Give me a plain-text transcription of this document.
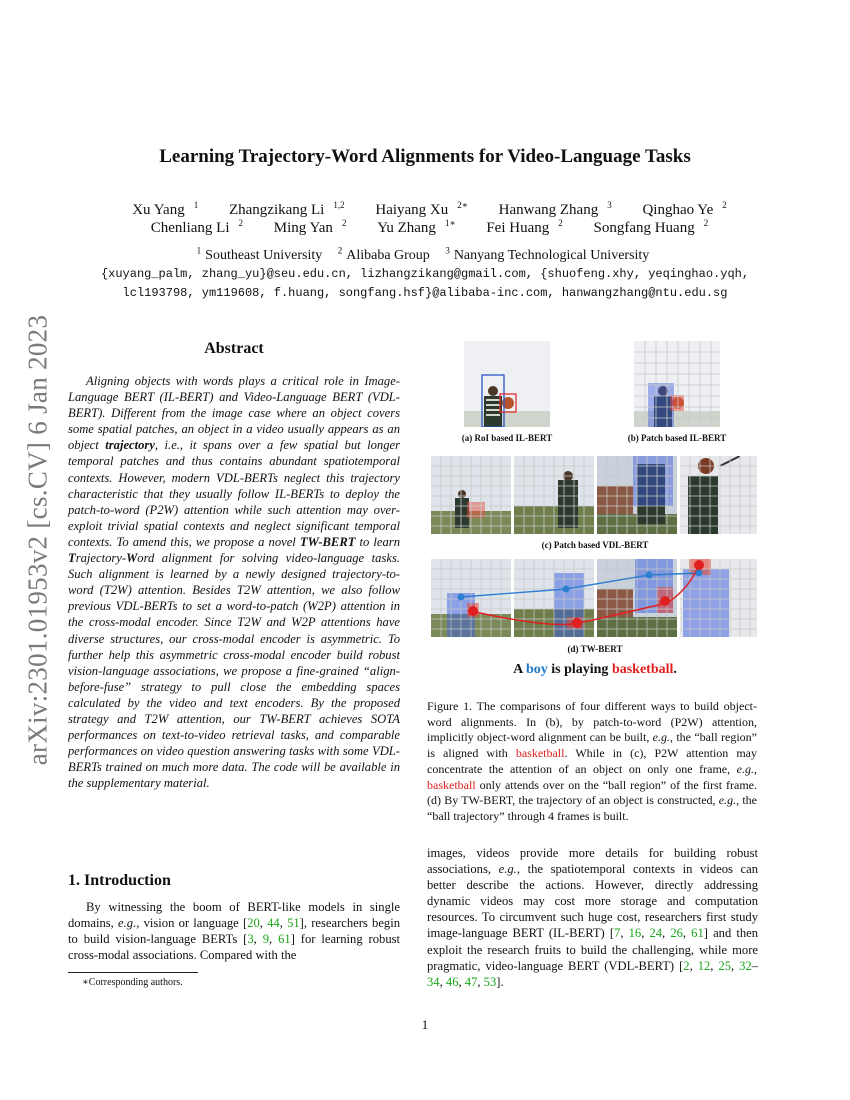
arXiv:2301.01953v2 [cs.CV] 6 Jan 2023
Learning Trajectory-Word Alignments for Video-Language Tasks
Xu Yang $^1$ Zhangzikang Li $^{1,2}$ Haiyang Xu $^{2∗}$ Hanwang Zhang $^3$ Qinghao Ye $^2$
Chenliang Li $^2$ Ming Yan $^2$ Yu Zhang $^{1∗}$ Fei Huang $^2$ Songfang Huang $^2$
$^1$ Southeast University $^2$ Alibaba Group $^3$ Nanyang Technological University
{xuyang_palm, zhang_yu}@seu.edu.cn, lizhangzikang@gmail.com, {shuofeng.xhy, yeqinghao.yqh,
lcl193798, ym119608, f.huang, songfang.hsf}@alibaba-inc.com, hanwangzhang@ntu.edu.sg
Abstract

Aligning objects with words plays a critical role in Image-Language BERT (IL-BERT) and Video-Language BERT (VDL-BERT). Different from the image case where an object covers some spatial patches, an object in a video usually appears as an object trajectory, i.e., it spans over a few spatial but longer temporal patches and thus contains abundant spatiotemporal contexts. However, modern VDL-BERTs neglect this trajectory characteristic that they usually follow IL-BERTs to deploy the patch-to-word (P2W) attention while such attention may over-exploit trivial spatial contexts and neglect significant temporal contexts. To amend this, we propose a novel TW-BERT to learn Trajectory-Word alignment for solving video-language tasks. Such alignment is learned by a newly designed trajectory-to-word (T2W) attention. Besides T2W attention, we also follow previous VDL-BERTs to set a word-to-patch (W2P) attention in the cross-modal encoder. Since T2W and W2P attentions have diverse structures, our cross-modal encoder is asymmetric. To further help this asymmetric cross-modal encoder build robust vision-language associations, we propose a fine-grained “align-before-fuse” strategy to pull close the embedding spaces calculated by the video and text encoders. By the proposed strategy and T2W attention, our TW-BERT achieves SOTA performances on text-to-video retrieval tasks, and comparable performances on video question answering tasks with some VDL-BERTs trained on much more data. The code will be available in the supplementary material.

1. Introduction

By witnessing the boom of BERT-like models in single domains, e.g., vision or language [20, 44, 51], researchers begin to build vision-language BERTs [3, 9, 61] for learning robust cross-modal associations. Compared with the

∗Corresponding authors.
(a) RoI based IL-BERT	(b) Patch based IL-BERT
(c) Patch based VDL-BERT
(d) TW-BERT
A boy is playing basketball.

Figure 1. The comparisons of four different ways to build object-word alignments. In (b), by patch-to-word (P2W) attention, implicitly object-word alignment can be built, e.g., the “ball region” is aligned with basketball. While in (c), P2W attention may concentrate the attention of an object on only one frame, e.g., basketball only attends over on the “ball region” of the first frame. (d) By TW-BERT, the trajectory of an object is constructed, e.g., the “ball trajectory” through 4 frames is built.

images, videos provide more details for building robust associations, e.g., the spatiotemporal contexts in videos can better describe the actions. However, directly addressing dynamic videos may cost more storage and computation resources. To circumvent such huge cost, researchers first study image-language BERT (IL-BERT) [7, 16, 24, 26, 61] and then exploit the research fruits to build the challenging, while more pragmatic, video-language BERT (VDL-BERT) [2, 12, 25, 32–34, 46, 47, 53].

1
